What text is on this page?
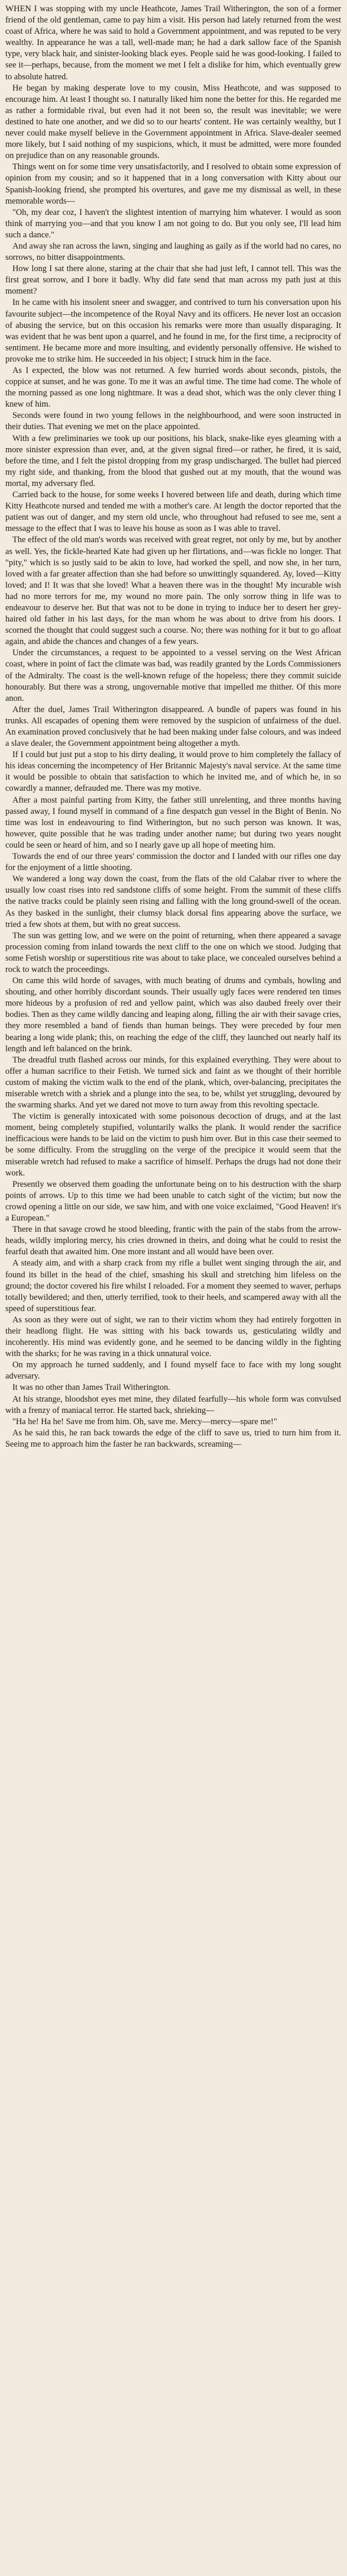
WHEN I was stopping with my uncle Heathcote, James Trail Witherington, the son of a former friend of the old gentleman, came to pay him a visit. His person had lately returned from the west coast of Africa, where he was said to hold a Government appointment, and was reputed to be very wealthy. In appearance he was a tall, well-made man; he had a dark sallow face of the Spanish type, very black hair, and sinister-looking black eyes. People said he was good-looking. I failed to see it—perhaps, because, from the moment we met I felt a dislike for him, which eventually grew to absolute hatred.

He began by making desperate love to my cousin, Miss Heathcote, and was supposed to encourage him. At least I thought so. I naturally liked him none the better for this. He regarded me as rather a formidable rival, but even had it not been so, the result was inevitable; we were destined to hate one another, and we did so to our hearts' content. He was certainly wealthy, but I never could make myself believe in the Government appointment in Africa. Slave-dealer seemed more likely, but I said nothing of my suspicions, which, it must be admitted, were more founded on prejudice than on any reasonable grounds.

Things went on for some time very unsatisfactorily, and I resolved to obtain some expression of opinion from my cousin; and so it happened that in a long conversation with Kitty about our Spanish-looking friend, she prompted his overtures, and gave me my dismissal as well, in these memorable words—

"Oh, my dear coz, I haven't the slightest intention of marrying him whatever. I would as soon think of marrying you—and that you know I am not going to do. But you only see, I'll lead him such a dance."

And away she ran across the lawn, singing and laughing as gaily as if the world had no cares, no sorrows, no bitter disappointments.

How long I sat there alone, staring at the chair that she had just left, I cannot tell. This was the first great sorrow, and I bore it badly. Why did fate send that man across my path just at this moment?

In he came with his insolent sneer and swagger, and contrived to turn his conversation upon his favourite subject—the incompetence of the Royal Navy and its officers. He never lost an occasion of abusing the service, but on this occasion his remarks were more than usually disparaging. It was evident that he was bent upon a quarrel, and he found in me, for the first time, a reciprocity of sentiment. He became more and more insulting, and evidently personally offensive. He wished to provoke me to strike him. He succeeded in his object; I struck him in the face.

As I expected, the blow was not returned. A few hurried words about seconds, pistols, the coppice at sunset, and he was gone. To me it was an awful time. The time had come. The whole of the morning passed as one long nightmare. It was a dead shot, which was the only clever thing I knew of him.

Seconds were found in two young fellows in the neighbourhood, and were soon instructed in their duties. That evening we met on the place appointed.

With a few preliminaries we took up our positions, his black, snake-like eyes gleaming with a more sinister expression than ever, and, at the given signal fired—or rather, he fired, it is said, before the time, and I felt the pistol dropping from my grasp undischarged. The bullet had pierced my right side, and thanking, from the blood that gushed out at my mouth, that the wound was mortal, my adversary fled.

Carried back to the house, for some weeks I hovered between life and death, during which time Kitty Heathcote nursed and tended me with a mother's care. At length the doctor reported that the patient was out of danger, and my stern old uncle, who throughout had refused to see me, sent a message to the effect that I was to leave his house as soon as I was able to travel.

The effect of the old man's words was received with great regret, not only by me, but by another as well. Yes, the fickle-hearted Kate had given up her flirtations, and—was fickle no longer. That "pity," which is so justly said to be akin to love, had worked the spell, and now she, in her turn, loved with a far greater affection than she had before so unwittingly squandered. Ay, loved—Kitty loved; and I! It was that she loved! What a heaven there was in the thought! My incurable wish had no more terrors for me, my wound no more pain. The only sorrow thing in life was to endeavour to deserve her. But that was not to be done in trying to induce her to desert her grey-haired old father in his last days, for the man whom he was about to drive from his doors. I scorned the thought that could suggest such a course. No; there was nothing for it but to go afloat again, and abide the chances and changes of a few years.

Under the circumstances, a request to be appointed to a vessel serving on the West African coast, where in point of fact the climate was bad, was readily granted by the Lords Commissioners of the Admiralty. The coast is the well-known refuge of the hopeless; there they commit suicide honourably. But there was a strong, ungovernable motive that impelled me thither. Of this more anon.

After the duel, James Trail Witherington disappeared. A bundle of papers was found in his trunks. All escapades of opening them were removed by the suspicion of unfairness of the duel. An examination proved conclusively that he had been making under false colours, and was indeed a slave dealer, the Government appointment being altogether a myth.

If I could but just put a stop to his dirty dealing, it would prove to him completely the fallacy of his ideas concerning the incompetency of Her Britannic Majesty's naval service. At the same time it would be possible to obtain that satisfaction to which he invited me, and of which he, in so cowardly a manner, defrauded me. There was my motive.

After a most painful parting from Kitty, the father still unrelenting, and three months having passed away, I found myself in command of a fine despatch gun vessel in the Bight of Benin. No time was lost in endeavouring to find Witherington, but no such person was known. It was, however, quite possible that he was trading under another name; but during two years nought could be seen or heard of him, and so I nearly gave up all hope of meeting him.

Towards the end of our three years' commission the doctor and I landed with our rifles one day for the enjoyment of a little shooting.

We wandered a long way down the coast, from the flats of the old Calabar river to where the usually low coast rises into red sandstone cliffs of some height. From the summit of these cliffs the native tracks could be plainly seen rising and falling with the long ground-swell of the ocean. As they basked in the sunlight, their clumsy black dorsal fins appearing above the surface, we tried a few shots at them, but with no great success.

The sun was getting low, and we were on the point of returning, when there appeared a savage procession coming from inland towards the next cliff to the one on which we stood. Judging that some Fetish worship or superstitious rite was about to take place, we concealed ourselves behind a rock to watch the proceedings.

On came this wild horde of savages, with much beating of drums and cymbals, howling and shouting, and other horribly discordant sounds. Their usually ugly faces were rendered ten times more hideous by a profusion of red and yellow paint, which was also daubed freely over their bodies. Then as they came wildly dancing and leaping along, filling the air with their savage cries, they more resembled a band of fiends than human beings. They were preceded by four men bearing a long wide plank; this, on reaching the edge of the cliff, they launched out nearly half its length and left balanced on the brink.

The dreadful truth flashed across our minds, for this explained everything. They were about to offer a human sacrifice to their Fetish. We turned sick and faint as we thought of their horrible custom of making the victim walk to the end of the plank, which, over-balancing, precipitates the miserable wretch with a shriek and a plunge into the sea, to be, whilst yet struggling, devoured by the swarming sharks. And yet we dared not move to turn away from this revolting spectacle.

The victim is generally intoxicated with some poisonous decoction of drugs, and at the last moment, being completely stupified, voluntarily walks the plank. It would render the sacrifice inefficacious were hands to be laid on the victim to push him over. But in this case their seemed to be some difficulty. From the struggling on the verge of the precipice it would seem that the miserable wretch had refused to make a sacrifice of himself. Perhaps the drugs had not done their work.

Presently we observed them goading the unfortunate being on to his destruction with the sharp points of arrows. Up to this time we had been unable to catch sight of the victim; but now the crowd opening a little on our side, we saw him, and with one voice exclaimed, "Good Heaven! it's a European."

There in that savage crowd he stood bleeding, frantic with the pain of the stabs from the arrow-heads, wildly imploring mercy, his cries drowned in theirs, and doing what he could to resist the fearful death that awaited him. One more instant and all would have been over.

A steady aim, and with a sharp crack from my rifle a bullet went singing through the air, and found its billet in the head of the chief, smashing his skull and stretching him lifeless on the ground; the doctor covered his fire whilst I reloaded. For a moment they seemed to waver, perhaps totally bewildered; and then, utterly terrified, took to their heels, and scampered away with all the speed of superstitious fear.

As soon as they were out of sight, we ran to their victim whom they had entirely forgotten in their headlong flight. He was sitting with his back towards us, gesticulating wildly and incoherently. His mind was evidently gone, and he seemed to be dancing wildly in the fighting with the sharks; for he was raving in a thick unnatural voice.

On my approach he turned suddenly, and I found myself face to face with my long sought adversary.

It was no other than James Trail Witherington.

At his strange, bloodshot eyes met mine, they dilated fearfully—his whole form was convulsed with a frenzy of maniacal terror. He started back, shrieking—

"Ha he! Ha he! Save me from him. Oh, save me. Mercy—mercy—spare me!"

As he said this, he ran back towards the edge of the cliff to save us, tried to turn him from it. Seeing me to approach him the faster he ran backwards, screaming—
